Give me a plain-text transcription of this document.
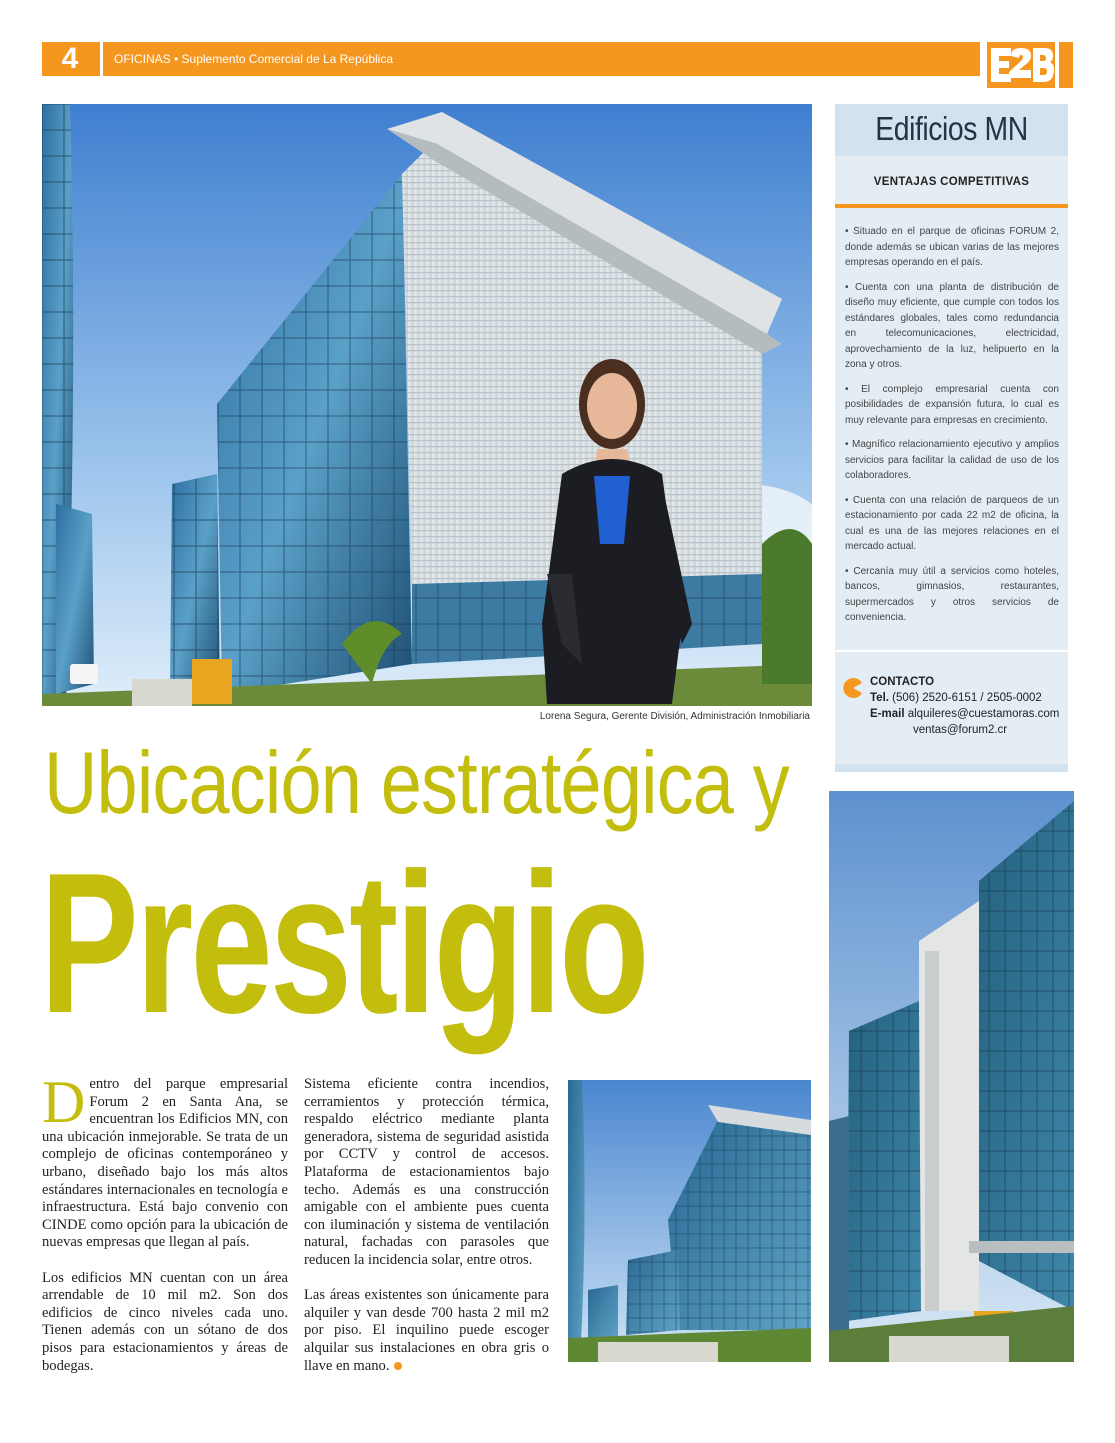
4	OFICINAS • Suplemento Comercial de La República
Lorena Segura, Gerente División, Administración Inmobiliaria
Edificios MN
VENTAJAS COMPETITIVAS
• Situado en el parque de oficinas FORUM 2, donde además se ubican varias de las mejores empresas operando en el país.
• Cuenta con una planta de distribución de diseño muy eficiente, que cumple con todos los estándares globales, tales como redundancia en telecomunicaciones, electricidad, aprovechamiento de la luz, helipuerto en la zona y otros.
• El complejo empresarial cuenta con posibilidades de expansión futura, lo cual es muy relevante para empresas en crecimiento.
• Magnífico relacionamiento ejecutivo y amplios servicios para facilitar la calidad de uso de los colaboradores.
• Cuenta con una relación de parqueos de un estacionamiento por cada 22 m2 de oficina, la cual es una de las mejores relaciones en el mercado actual.
• Cercanía muy útil a servicios como hoteles, bancos, gimnasios, restaurantes, supermercados y otros servicios de conveniencia.
CONTACTO
Tel. (506) 2520-6151 / 2505-0002
E-mail alquileres@cuestamoras.com
ventas@forum2.cr
Ubicación estratégica y
Prestigio

Dentro del parque empresarial Forum 2 en Santa Ana, se encuentran los Edificios MN, con una ubicación inmejorable. Se trata de un complejo de oficinas contemporáneo y urbano, diseñado bajo los más altos estándares internacionales en tecnología e infraestructura. Está bajo convenio con CINDE como opción para la ubicación de nuevas empresas que llegan al país.

Los edificios MN cuentan con un área arrendable de 10 mil m2. Son dos edificios de cinco niveles cada uno. Tienen además con un sótano de dos pisos para estacionamientos y áreas de bodegas.

Sistema eficiente contra incendios, cerramientos y protección térmica, respaldo eléctrico mediante planta generadora, sistema de seguridad asistida por CCTV y control de accesos. Plataforma de estacionamientos bajo techo. Además es una construcción amigable con el ambiente pues cuenta con iluminación y sistema de ventilación natural, fachadas con parasoles que reducen la incidencia solar, entre otros.

Las áreas existentes son únicamente para alquiler y van desde 700 hasta 2 mil m2 por piso. El inquilino puede escoger alquilar sus instalaciones en obra gris o llave en mano.
